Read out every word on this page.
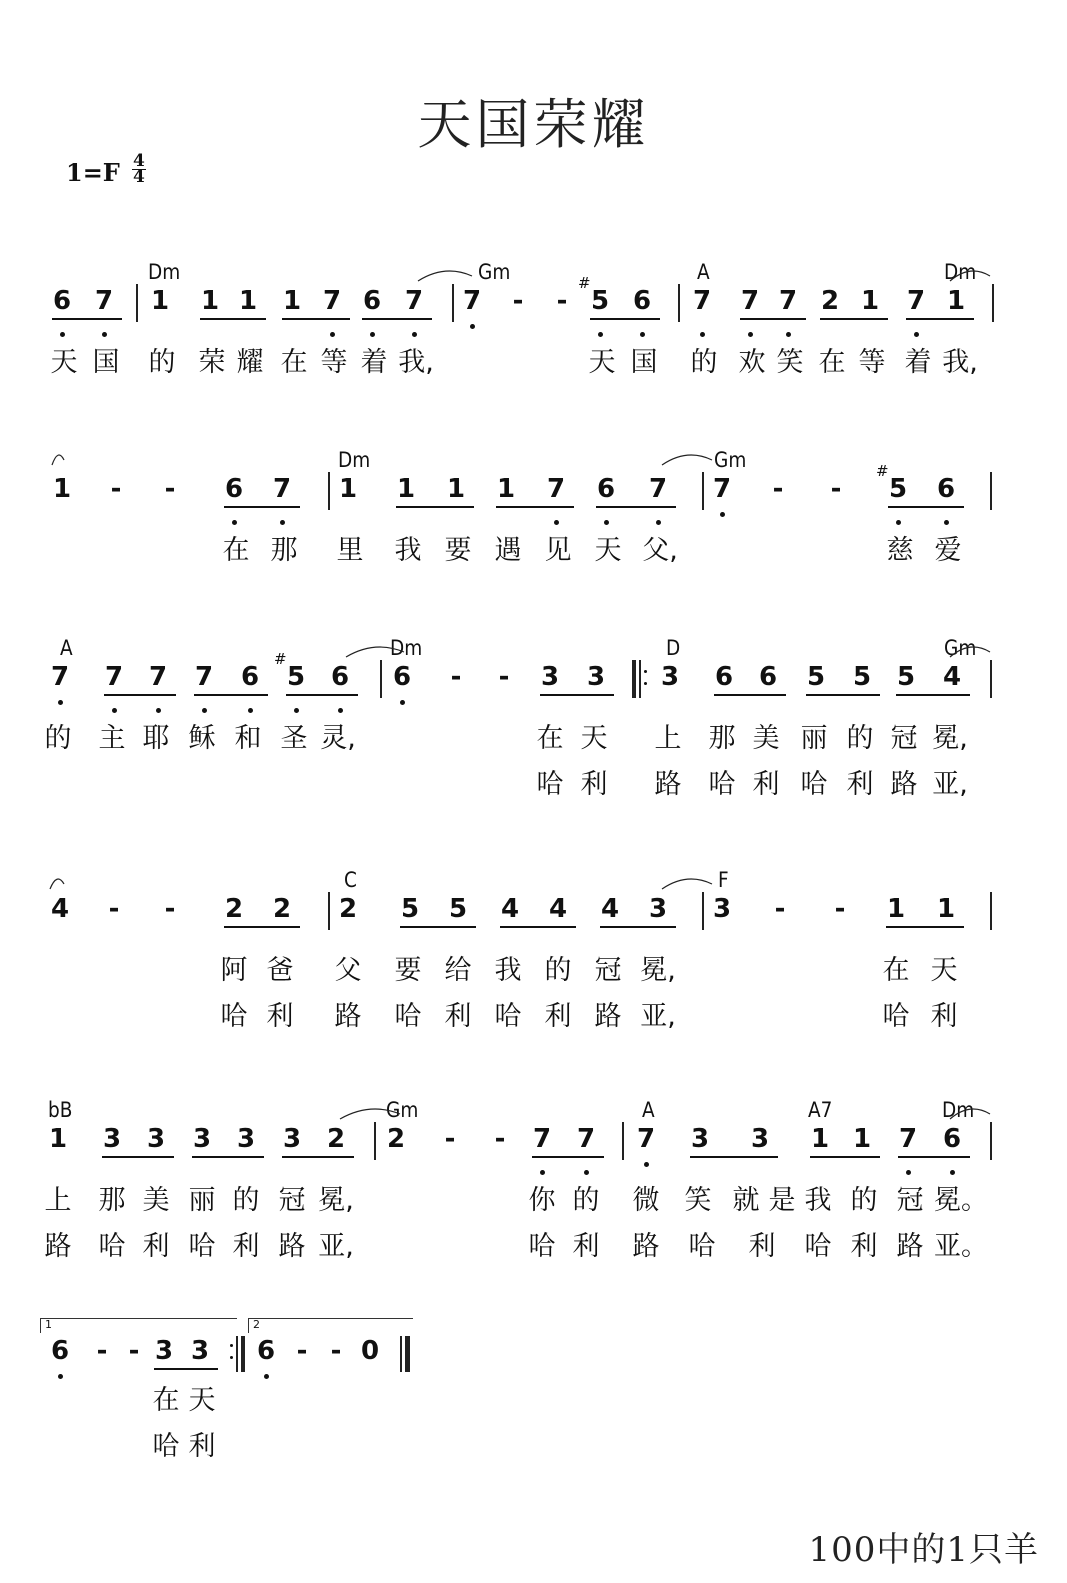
天国荣耀
$1=F \frac{4}{4}$
Dm	Gm	A	Dm
6 7 1 1 1 1 7 6 7 7	-	- 5
#
6 7 7 7 2 1 7 1
天 国 的 荣 耀 在 等 着 我,	天 国 的 欢 笑 在 等 着 我,
Dm	Gm
1	-	-	6 7 1 1 1 1 7 6 7 7	-	-	5
#
6
在 那 里 我 要 遇 见 天 父,	慈 爱
A	Dm	D	Gm
7 7 7 7 6 5
#
6 6	-	-	3 3 3 6 6 5 5 5 4
的 主 耶 稣 和 圣 灵,	在 天 上 那 美 丽 的 冠 冕,
哈 利 路 哈 利 哈 利 路 亚,
C	F
4	-	-	2 2 2 5 5 4 4 4 3 3	-	-	1 1
阿 爸 父 要 给 我 的 冠 冕,	在 天
哈 利 路 哈 利 哈 利 路 亚,	哈 利
bB	Gm	A	A7	Dm
1 3 3 3 3 3 2 2	-	-	7 7 7 3 3 1 1 7 6
上 那 美 丽 的 冠 冕,	你 的 微 笑 就 是 我 的 冠 冕。
路 哈 利 哈 利 路 亚,	哈 利 路 哈 利 哈 利 路 亚。
1	2
6	- - 3 3 6 - - 0
在 天
哈 利
100中的1只羊
